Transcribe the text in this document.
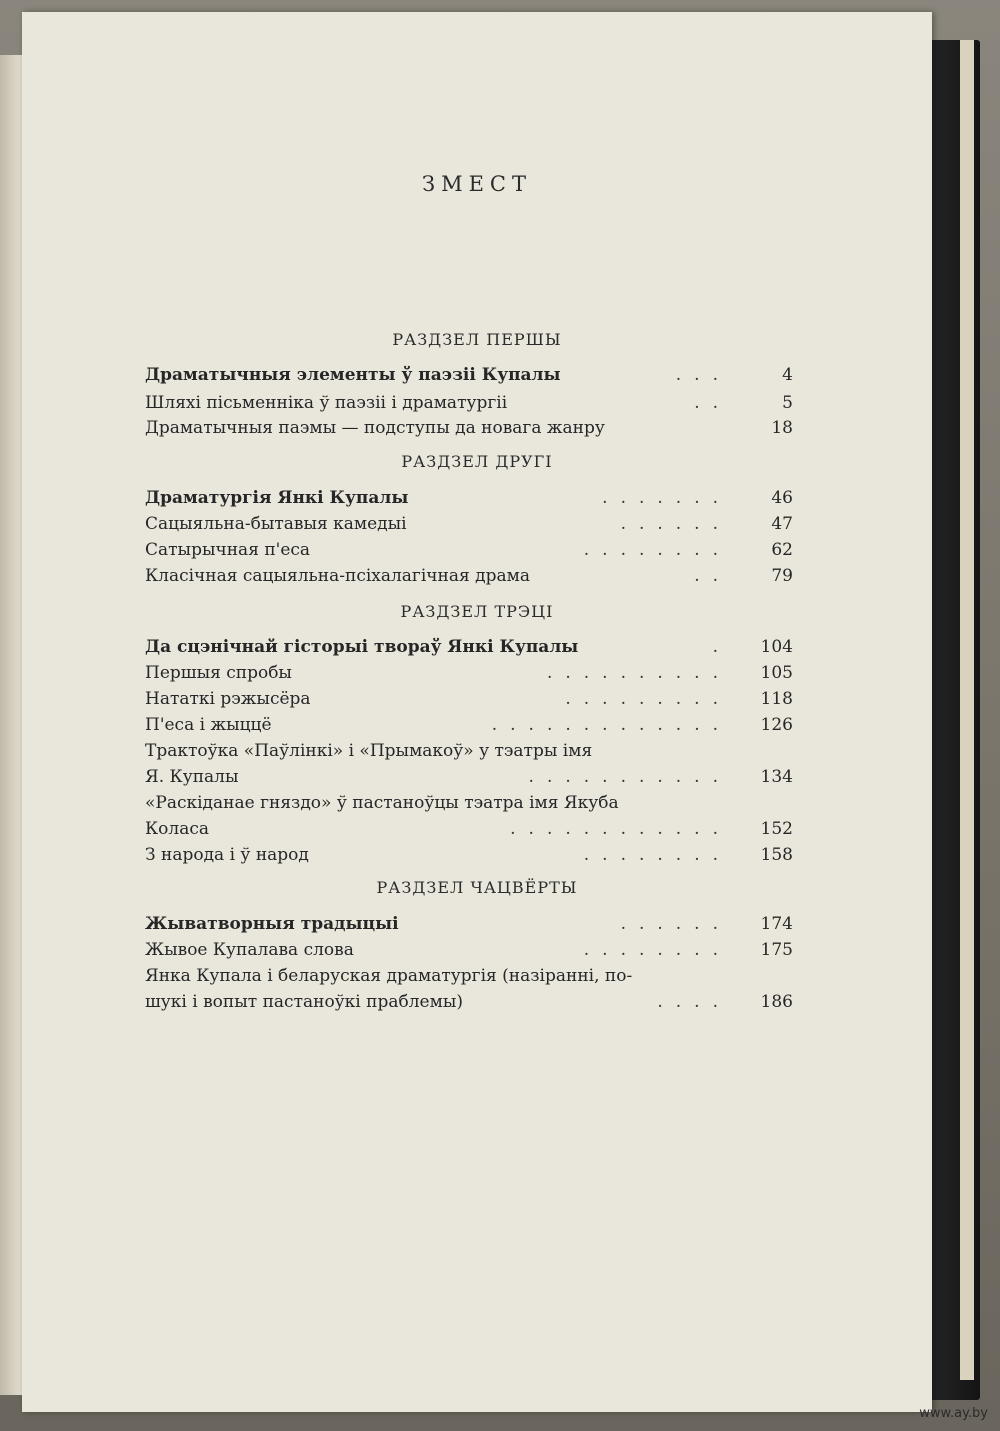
ЗМЕСТ
РАЗДЗЕЛ ПЕРШЫ
Драматычныя элементы ў паэзіі Купалы	...	4
Шляхі пісьменніка ў паэзіі і драматургіі	..	5
Драматычныя паэмы — подступы да новага жанру	18
РАЗДЗЕЛ ДРУГІ
Драматургія Янкі Купалы	....... 46
Сацыяльна-бытавыя камедыі	...... 47
Сатырычная п'еса	........ 62
Класічная сацыяльна-псіхалагічная драма	.. 79
РАЗДЗЕЛ ТРЭЦІ
Да сцэнічнай гісторыі твораў Янкі Купалы	. 104
Першыя спробы	.......... 105
Нататкі рэжысёра	......... 118
П'еса і жыццё	............. 126
Трактоўка «Паўлінкі» і «Прымакоў» у тэатры імя
Я. Купалы	........... 134
«Раскіданае гняздо» ў пастаноўцы тэатра імя Якуба
Коласа	............ 152
З народа і ў народ	........ 158
РАЗДЗЕЛ ЧАЦВЁРТЫ
Жыватворныя традыцыі	...... 174
Жывое Купалава слова	........ 175
Янка Купала і беларуская драматургія (назіранні, по-
шукі і вопыт пастаноўкі праблемы)	.... 186
www.ay.by
